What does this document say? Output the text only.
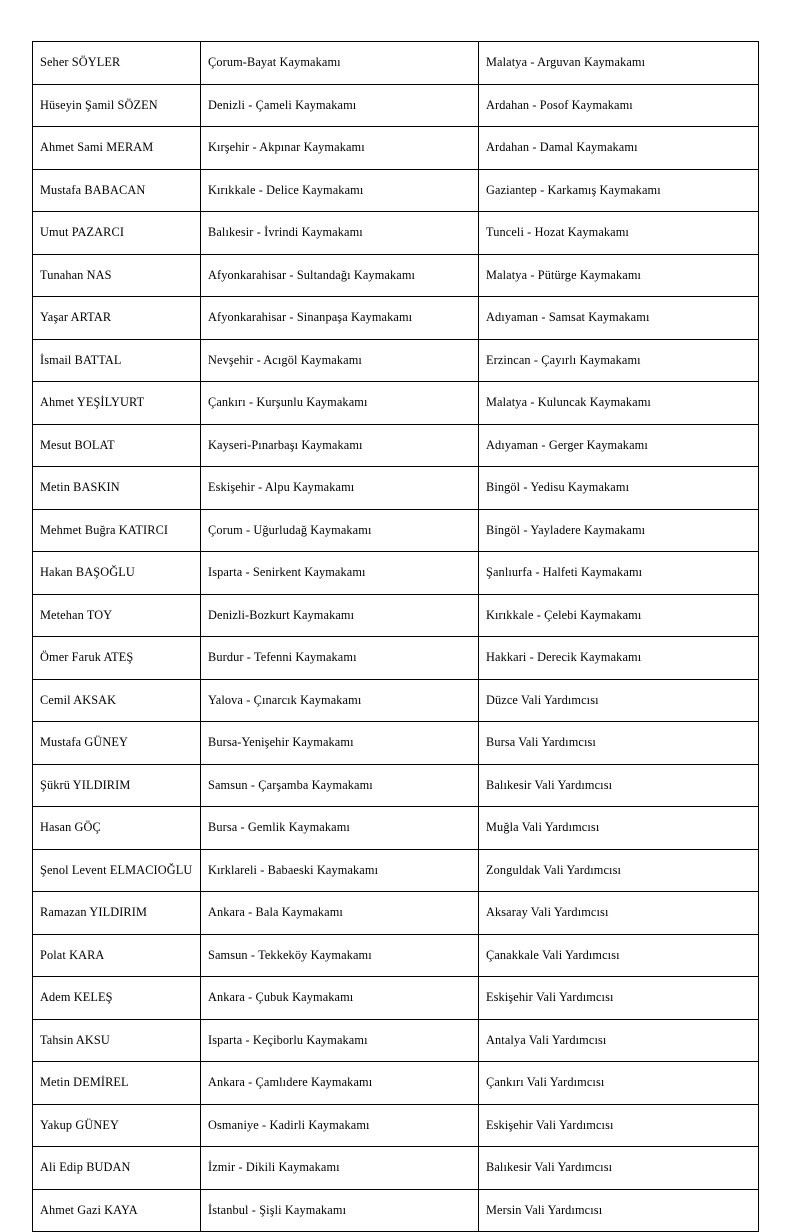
Seher SÖYLER	Çorum-Bayat Kaymakamı	Malatya - Arguvan Kaymakamı
Hüseyin Şamil SÖZEN	Denizli - Çameli Kaymakamı	Ardahan - Posof Kaymakamı
Ahmet Sami MERAM	Kırşehir - Akpınar Kaymakamı	Ardahan - Damal Kaymakamı
Mustafa BABACAN	Kırıkkale - Delice Kaymakamı	Gaziantep - Karkamış Kaymakamı
Umut PAZARCI	Balıkesir - İvrindi Kaymakamı	Tunceli - Hozat Kaymakamı
Tunahan NAS	Afyonkarahisar - Sultandağı Kaymakamı	Malatya - Pütürge Kaymakamı
Yaşar ARTAR	Afyonkarahisar - Sinanpaşa Kaymakamı	Adıyaman - Samsat Kaymakamı
İsmail BATTAL	Nevşehir - Acıgöl Kaymakamı	Erzincan - Çayırlı Kaymakamı
Ahmet YEŞİLYURT	Çankırı - Kurşunlu Kaymakamı	Malatya - Kuluncak Kaymakamı
Mesut BOLAT	Kayseri-Pınarbaşı Kaymakamı	Adıyaman - Gerger Kaymakamı
Metin BASKIN	Eskişehir - Alpu Kaymakamı	Bingöl - Yedisu Kaymakamı
Mehmet Buğra KATIRCI	Çorum - Uğurludağ Kaymakamı	Bingöl - Yayladere Kaymakamı
Hakan BAŞOĞLU	Isparta - Senirkent Kaymakamı	Şanlıurfa - Halfeti Kaymakamı
Metehan TOY	Denizli-Bozkurt Kaymakamı	Kırıkkale - Çelebi Kaymakamı
Ömer Faruk ATEŞ	Burdur - Tefenni Kaymakamı	Hakkari - Derecik Kaymakamı
Cemil AKSAK	Yalova - Çınarcık Kaymakamı	Düzce Vali Yardımcısı
Mustafa GÜNEY	Bursa-Yenişehir Kaymakamı	Bursa Vali Yardımcısı
Şükrü YILDIRIM	Samsun - Çarşamba Kaymakamı	Balıkesir Vali Yardımcısı
Hasan GÖÇ	Bursa - Gemlik Kaymakamı	Muğla Vali Yardımcısı
Şenol Levent ELMACIOĞLU	Kırklareli - Babaeski Kaymakamı	Zonguldak Vali Yardımcısı
Ramazan YILDIRIM	Ankara - Bala Kaymakamı	Aksaray Vali Yardımcısı
Polat KARA	Samsun - Tekkeköy Kaymakamı	Çanakkale Vali Yardımcısı
Adem KELEŞ	Ankara - Çubuk Kaymakamı	Eskişehir Vali Yardımcısı
Tahsin AKSU	Isparta - Keçiborlu Kaymakamı	Antalya Vali Yardımcısı
Metin DEMİREL	Ankara - Çamlıdere Kaymakamı	Çankırı Vali Yardımcısı
Yakup GÜNEY	Osmaniye - Kadirli Kaymakamı	Eskişehir Vali Yardımcısı
Ali Edip BUDAN	İzmir - Dikili Kaymakamı	Balıkesir Vali Yardımcısı
Ahmet Gazi KAYA	İstanbul - Şişli Kaymakamı	Mersin Vali Yardımcısı
